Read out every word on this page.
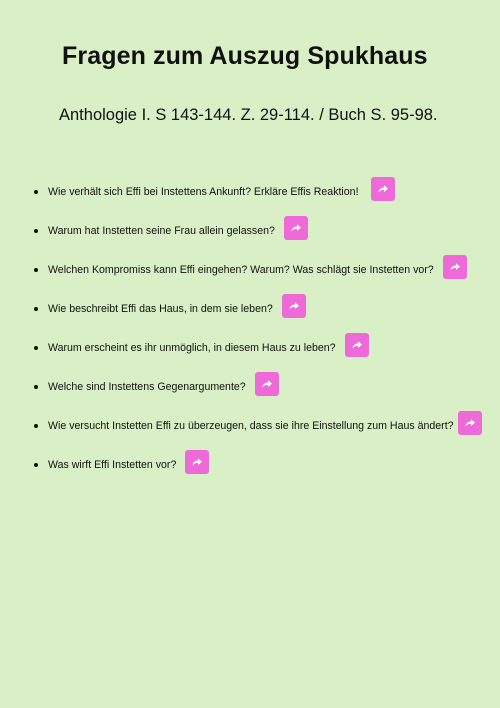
Fragen zum Auszug Spukhaus
Anthologie I. S 143-144. Z. 29-114. / Buch S. 95-98.
Wie verhält sich Effi bei Instettens Ankunft? Erkläre Effis Reaktion!
Warum hat Instetten seine Frau allein gelassen?
Welchen Kompromiss kann Effi eingehen? Warum? Was schlägt sie Instetten vor?
Wie beschreibt Effi das Haus, in dem sie leben?
Warum erscheint es ihr unmöglich, in diesem Haus zu leben?
Welche sind Instettens Gegenargumente?
Wie versucht Instetten Effi zu überzeugen, dass sie ihre Einstellung zum Haus ändert?
Was wirft Effi Instetten vor?
